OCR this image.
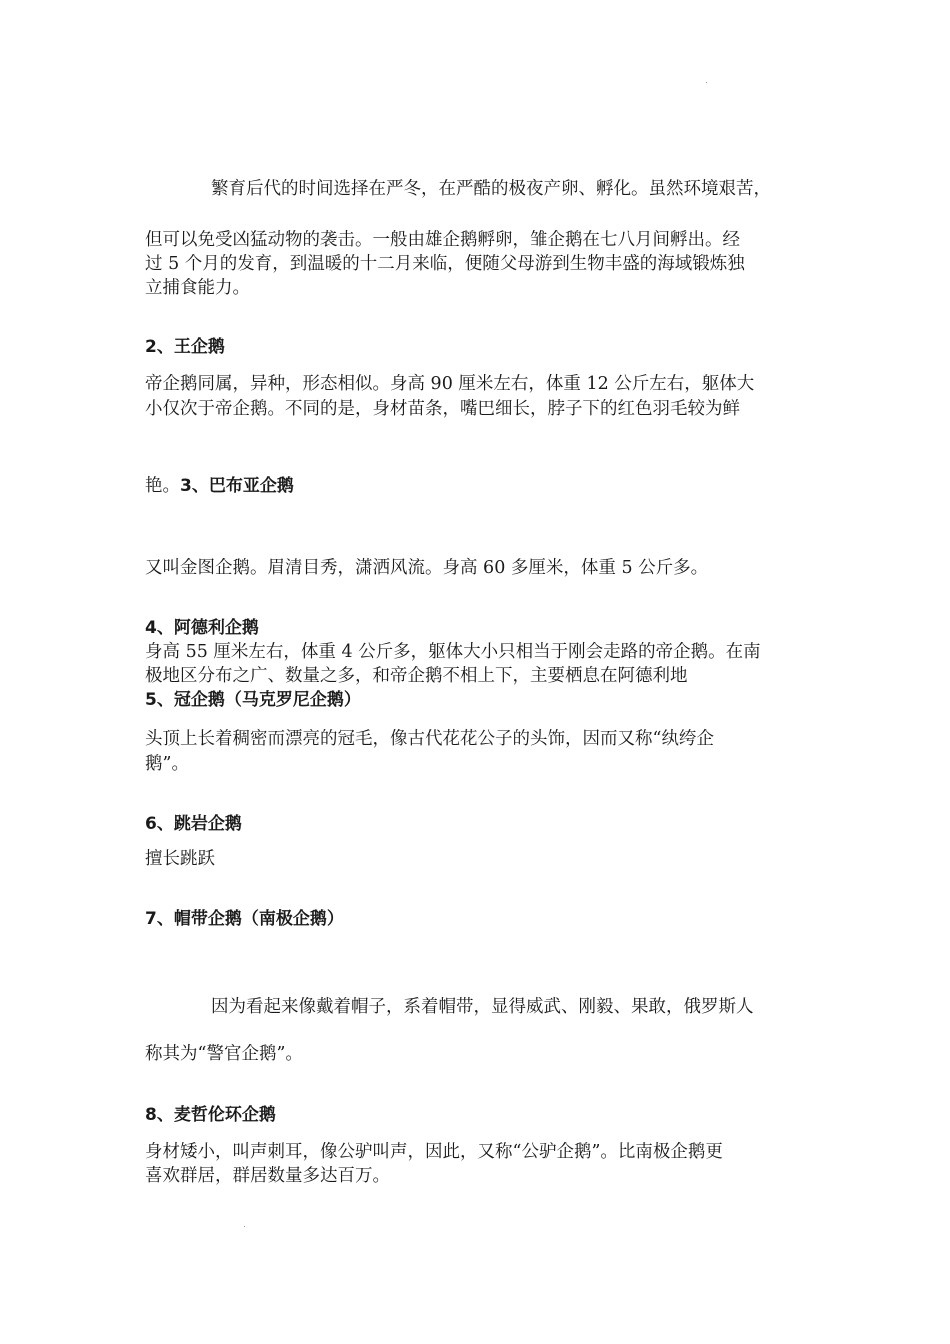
繁育后代的时间选择在严冬，在严酷的极夜产卵、孵化。虽然环境艰苦，

但可以免受凶猛动物的袭击。一般由雄企鹅孵卵，雏企鹅在七八月间孵出。经

过 5 个月的发育，到温暖的十二月来临，便随父母游到生物丰盛的海域锻炼独

立捕食能力。

2、王企鹅

帝企鹅同属，异种，形态相似。身高 90 厘米左右，体重 12 公斤左右，躯体大

小仅次于帝企鹅。不同的是，身材苗条，嘴巴细长，脖子下的红色羽毛较为鲜

艳。3、巴布亚企鹅

又叫金图企鹅。眉清目秀，潇洒风流。身高 60 多厘米，体重 5 公斤多。

4、阿德利企鹅

身高 55 厘米左右，体重 4 公斤多，躯体大小只相当于刚会走路的帝企鹅。在南

极地区分布之广、数量之多，和帝企鹅不相上下，主要栖息在阿德利地

5、冠企鹅（马克罗尼企鹅）

头顶上长着稠密而漂亮的冠毛，像古代花花公子的头饰，因而又称“纨绔企

鹅”。

6、跳岩企鹅

擅长跳跃

7、帽带企鹅（南极企鹅）

因为看起来像戴着帽子，系着帽带，显得威武、刚毅、果敢，俄罗斯人

称其为“警官企鹅”。

8、麦哲伦环企鹅

身材矮小，叫声刺耳，像公驴叫声，因此，又称“公驴企鹅”。比南极企鹅更

喜欢群居，群居数量多达百万。
